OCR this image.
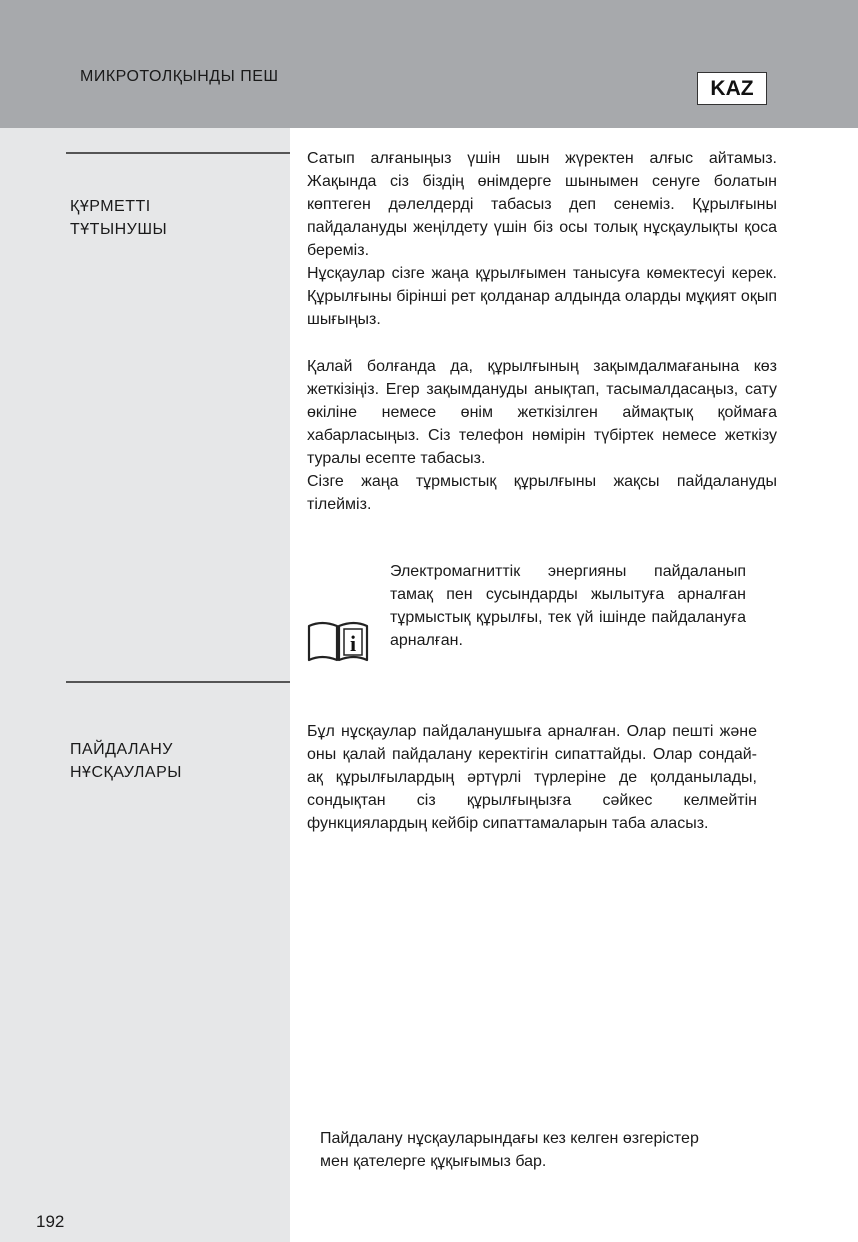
МИКРОТОЛҚЫНДЫ ПЕШ
KAZ
ҚҰРМЕТТІ
ТҰТЫНУШЫ
ПАЙДАЛАНУ
НҰСҚАУЛАРЫ

Сатып алғаныңыз үшін шын жүректен алғыс айтамыз. Жақында сіз біздің өнімдерге шынымен сенуге болатын көптеген дәлелдерді табасыз деп сенеміз. Құрылғыны пайдалануды жеңілдету үшін біз осы толық нұсқаулықты қоса береміз.

Нұсқаулар сізге жаңа құрылғымен танысуға көмектесуі керек. Құрылғыны бірінші рет қолданар алдында оларды мұқият оқып шығыңыз.

Қалай болғанда да, құрылғының зақымдалмағанына көз жеткізіңіз. Егер зақымдануды анықтап, тасымалдасаңыз, сату өкіліне немесе өнім жеткізілген аймақтық қоймаға хабарласыңыз. Сіз телефон нөмірін түбіртек немесе жеткізу туралы есепте табасыз.

Сізге жаңа тұрмыстық құрылғыны жақсы пайдалануды тілейміз.

i
Электромагниттік энергияны пайдаланып тамақ пен сусындарды жылытуға арналған тұрмыстық құрылғы, тек үй ішінде пайдалануға арналған.
Бұл нұсқаулар пайдаланушыға арналған. Олар пешті және оны қалай пайдалану керектігін сипаттайды. Олар сондай-ақ құрылғылардың әртүрлі түрлеріне де қолданылады, сондықтан сіз құрылғыңызға сәйкес келмейтін функциялардың кейбір сипаттамаларын таба аласыз.
Пайдалану нұсқауларындағы кез келген өзгерістер
мен қателерге құқығымыз бар.
192
